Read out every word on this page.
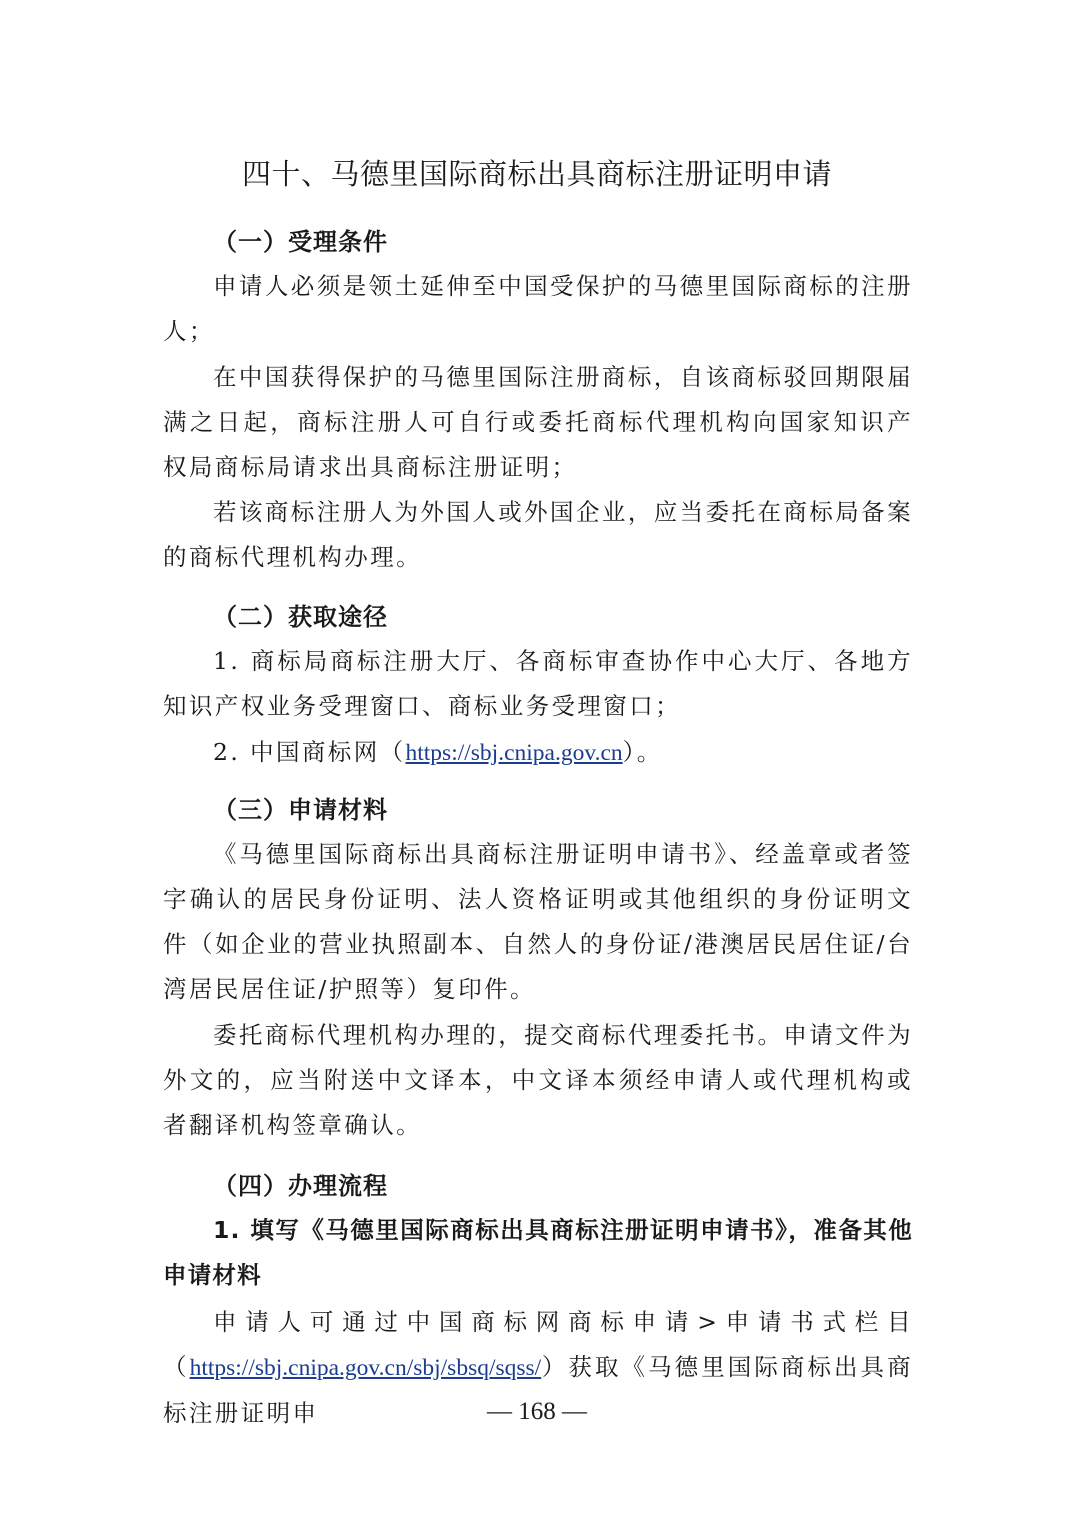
四十、马德里国际商标出具商标注册证明申请
（一）受理条件

申请人必须是领土延伸至中国受保护的马德里国际商标的注册人；

在中国获得保护的马德里国际注册商标，自该商标驳回期限届满之日起，商标注册人可自行或委托商标代理机构向国家知识产权局商标局请求出具商标注册证明；

若该商标注册人为外国人或外国企业，应当委托在商标局备案的商标代理机构办理。

（二）获取途径

1. 商标局商标注册大厅、各商标审查协作中心大厅、各地方知识产权业务受理窗口、商标业务受理窗口；

2. 中国商标网（https://sbj.cnipa.gov.cn）。

（三）申请材料

《马德里国际商标出具商标注册证明申请书》、经盖章或者签字确认的居民身份证明、法人资格证明或其他组织的身份证明文件（如企业的营业执照副本、自然人的身份证/港澳居民居住证/台湾居民居住证/护照等）复印件。

委托商标代理机构办理的，提交商标代理委托书。申请文件为外文的，应当附送中文译本，中文译本须经申请人或代理机构或者翻译机构签章确认。

（四）办理流程

1. 填写《马德里国际商标出具商标注册证明申请书》，准备其他申请材料

申请人可通过中国商标网商标申请>申请书式栏目（https://sbj.cnipa.gov.cn/sbj/sbsq/sqss/）获取《马德里国际商标出具商标注册证明申	— 168 —
